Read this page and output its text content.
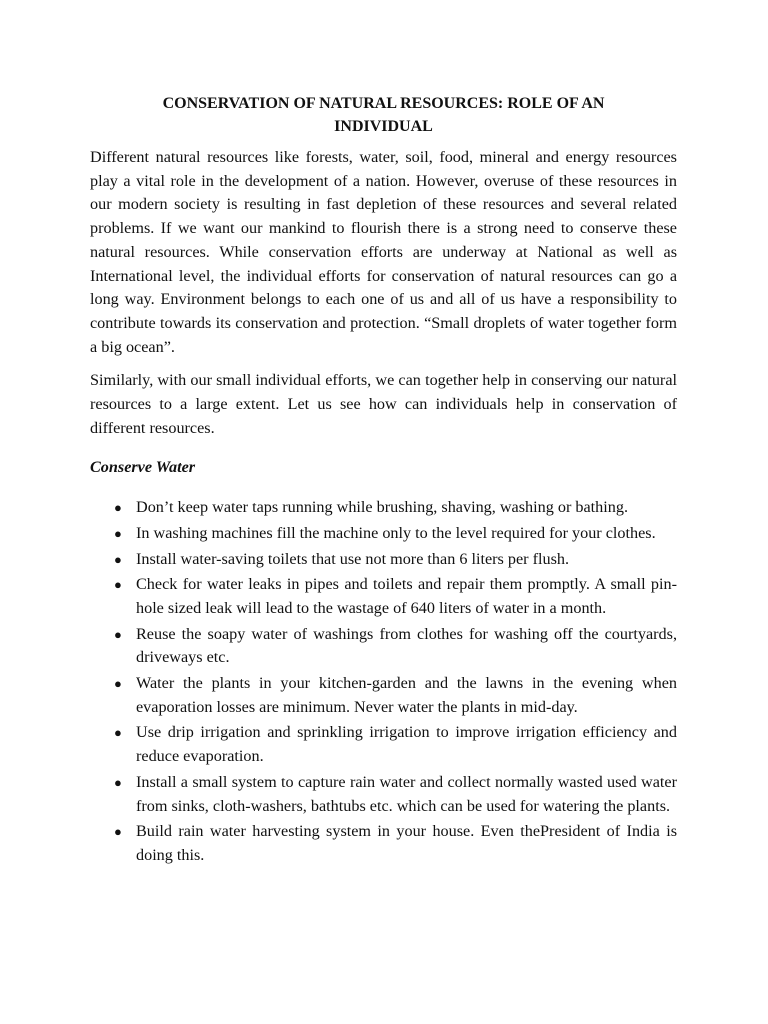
CONSERVATION OF NATURAL RESOURCES: ROLE OF AN INDIVIDUAL

Different natural resources like forests, water, soil, food, mineral and energy resources play a vital role in the development of a nation. However, overuse of these resources in our modern society is resulting in fast depletion of these resources and several related problems. If we want our mankind to flourish there is a strong need to conserve these natural resources. While conservation efforts are underway at National as well as International level, the individual efforts for conservation of natural resources can go a long way. Environment belongs to each one of us and all of us have a responsibility to contribute towards its conservation and protection. “Small droplets of water together form a big ocean”.

Similarly, with our small individual efforts, we can together help in conserving our natural resources to a large extent. Let us see how can individuals help in conservation of different resources.

Conserve Water
● Don’t keep water taps running while brushing, shaving, washing or bathing.
● In washing machines fill the machine only to the level required for your clothes.
● Install water-saving toilets that use not more than 6 liters per flush.
● Check for water leaks in pipes and toilets and repair them promptly. A small pin-hole sized leak will lead to the wastage of 640 liters of water in a month.
● Reuse the soapy water of washings from clothes for washing off the courtyards, driveways etc.
● Water the plants in your kitchen-garden and the lawns in the evening when evaporation losses are minimum. Never water the plants in mid-day.
● Use drip irrigation and sprinkling irrigation to improve irrigation efficiency and reduce evaporation.
● Install a small system to capture rain water and collect normally wasted used water from sinks, cloth-washers, bathtubs etc. which can be used for watering the plants.
● Build rain water harvesting system in your house. Even thePresident of India is doing this.
